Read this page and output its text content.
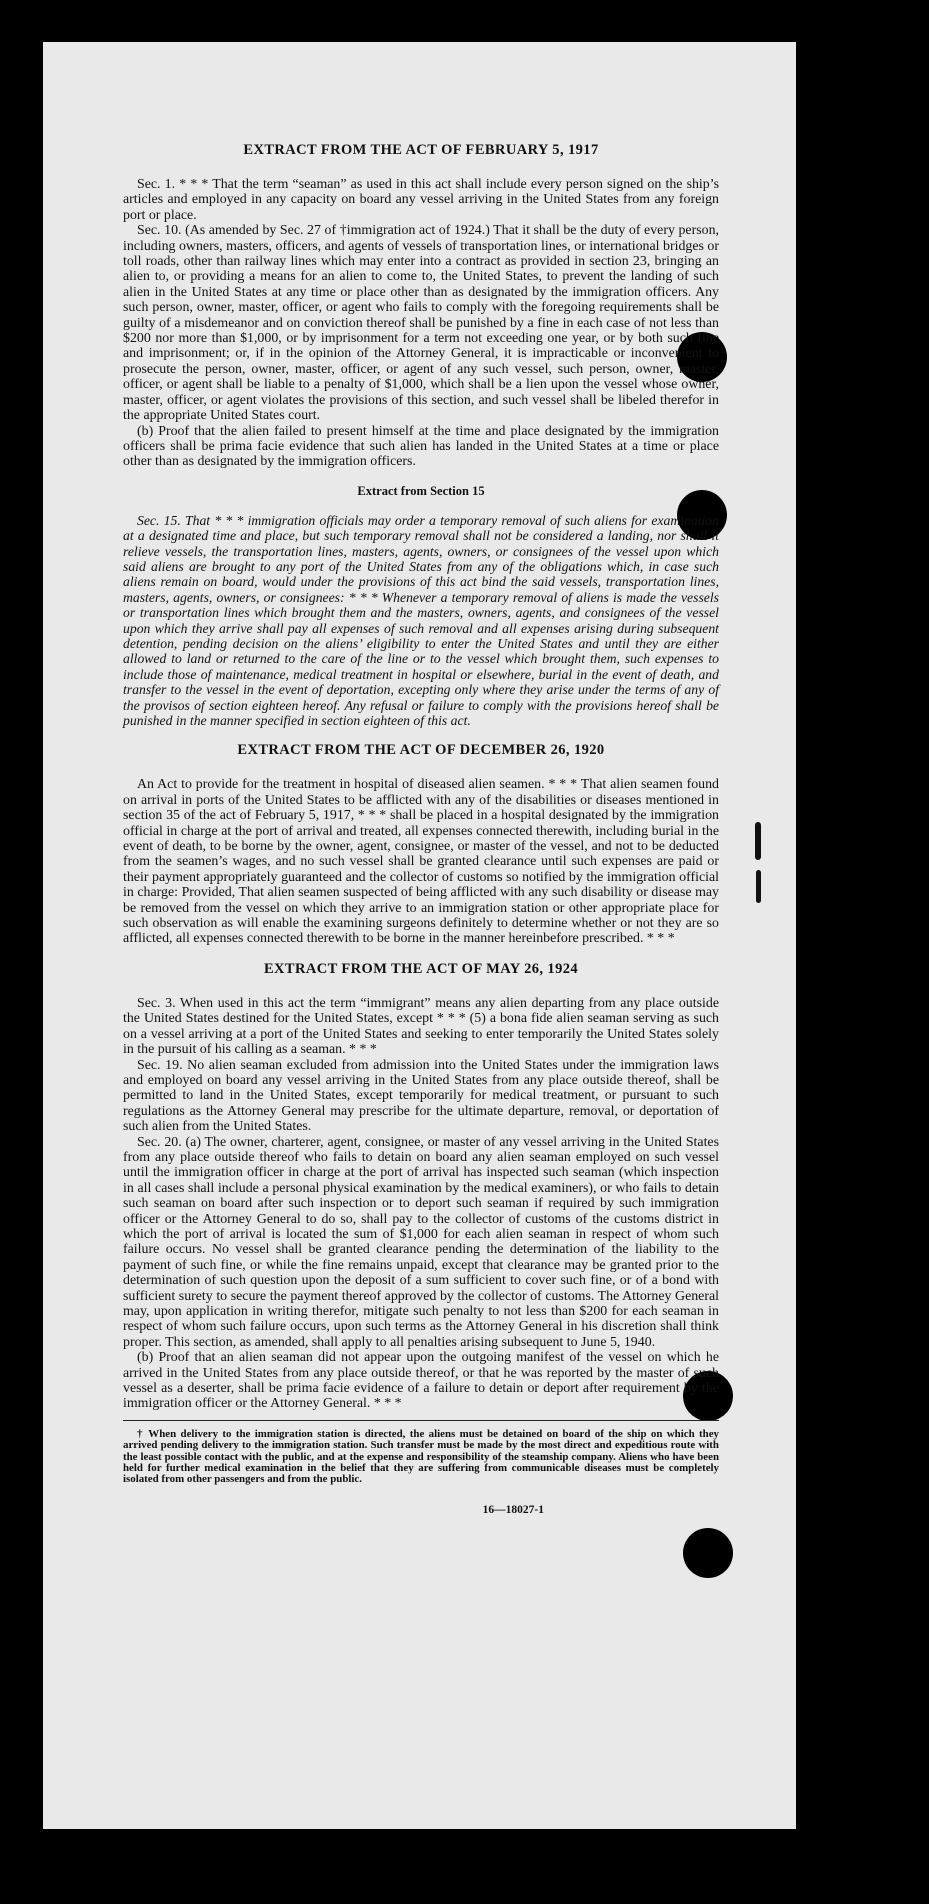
EXTRACT FROM THE ACT OF FEBRUARY 5, 1917

Sec. 1. * * * That the term “seaman” as used in this act shall include every person signed on the ship’s articles and employed in any capacity on board any vessel arriving in the United States from any foreign port or place.

Sec. 10. (As amended by Sec. 27 of †immigration act of 1924.) That it shall be the duty of every person, including owners, masters, officers, and agents of vessels of transportation lines, or international bridges or toll roads, other than railway lines which may enter into a contract as provided in section 23, bringing an alien to, or providing a means for an alien to come to, the United States, to prevent the landing of such alien in the United States at any time or place other than as designated by the immigration officers. Any such person, owner, master, officer, or agent who fails to comply with the foregoing requirements shall be guilty of a misdemeanor and on conviction thereof shall be punished by a fine in each case of not less than $200 nor more than $1,000, or by imprisonment for a term not exceeding one year, or by both such fine and imprisonment; or, if in the opinion of the Attorney General, it is impracticable or inconvenient to prosecute the person, owner, master, officer, or agent of any such vessel, such person, owner, master, officer, or agent shall be liable to a penalty of $1,000, which shall be a lien upon the vessel whose owner, master, officer, or agent violates the provisions of this section, and such vessel shall be libeled therefor in the appropriate United States court.

(b) Proof that the alien failed to present himself at the time and place designated by the immigration officers shall be prima facie evidence that such alien has landed in the United States at a time or place other than as designated by the immigration officers.

Extract from Section 15

Sec. 15. That * * * immigration officials may order a temporary removal of such aliens for examination at a designated time and place, but such temporary removal shall not be considered a landing, nor shall it relieve vessels, the transportation lines, masters, agents, owners, or consignees of the vessel upon which said aliens are brought to any port of the United States from any of the obligations which, in case such aliens remain on board, would under the provisions of this act bind the said vessels, transportation lines, masters, agents, owners, or consignees: * * * Whenever a temporary removal of aliens is made the vessels or transportation lines which brought them and the masters, owners, agents, and consignees of the vessel upon which they arrive shall pay all expenses of such removal and all expenses arising during subsequent detention, pending decision on the aliens’ eligibility to enter the United States and until they are either allowed to land or returned to the care of the line or to the vessel which brought them, such expenses to include those of maintenance, medical treatment in hospital or elsewhere, burial in the event of death, and transfer to the vessel in the event of deportation, excepting only where they arise under the terms of any of the provisos of section eighteen hereof. Any refusal or failure to comply with the provisions hereof shall be punished in the manner specified in section eighteen of this act.

EXTRACT FROM THE ACT OF DECEMBER 26, 1920

An Act to provide for the treatment in hospital of diseased alien seamen. * * * That alien seamen found on arrival in ports of the United States to be afflicted with any of the disabilities or diseases mentioned in section 35 of the act of February 5, 1917, * * * shall be placed in a hospital designated by the immigration official in charge at the port of arrival and treated, all expenses connected therewith, including burial in the event of death, to be borne by the owner, agent, consignee, or master of the vessel, and not to be deducted from the seamen’s wages, and no such vessel shall be granted clearance until such expenses are paid or their payment appropriately guaranteed and the collector of customs so notified by the immigration official in charge: Provided, That alien seamen suspected of being afflicted with any such disability or disease may be removed from the vessel on which they arrive to an immigration station or other appropriate place for such observation as will enable the examining surgeons definitely to determine whether or not they are so afflicted, all expenses connected therewith to be borne in the manner hereinbefore prescribed. * * *

EXTRACT FROM THE ACT OF MAY 26, 1924

Sec. 3. When used in this act the term “immigrant” means any alien departing from any place outside the United States destined for the United States, except * * * (5) a bona fide alien seaman serving as such on a vessel arriving at a port of the United States and seeking to enter temporarily the United States solely in the pursuit of his calling as a seaman. * * *

Sec. 19. No alien seaman excluded from admission into the United States under the immigration laws and employed on board any vessel arriving in the United States from any place outside thereof, shall be permitted to land in the United States, except temporarily for medical treatment, or pursuant to such regulations as the Attorney General may prescribe for the ultimate departure, removal, or deportation of such alien from the United States.

Sec. 20. (a) The owner, charterer, agent, consignee, or master of any vessel arriving in the United States from any place outside thereof who fails to detain on board any alien seaman employed on such vessel until the immigration officer in charge at the port of arrival has inspected such seaman (which inspection in all cases shall include a personal physical examination by the medical examiners), or who fails to detain such seaman on board after such inspection or to deport such seaman if required by such immigration officer or the Attorney General to do so, shall pay to the collector of customs of the customs district in which the port of arrival is located the sum of $1,000 for each alien seaman in respect of whom such failure occurs. No vessel shall be granted clearance pending the determination of the liability to the payment of such fine, or while the fine remains unpaid, except that clearance may be granted prior to the determination of such question upon the deposit of a sum sufficient to cover such fine, or of a bond with sufficient surety to secure the payment thereof approved by the collector of customs. The Attorney General may, upon application in writing therefor, mitigate such penalty to not less than $200 for each seaman in respect of whom such failure occurs, upon such terms as the Attorney General in his discretion shall think proper. This section, as amended, shall apply to all penalties arising subsequent to June 5, 1940.

(b) Proof that an alien seaman did not appear upon the outgoing manifest of the vessel on which he arrived in the United States from any place outside thereof, or that he was reported by the master of such vessel as a deserter, shall be prima facie evidence of a failure to detain or deport after requirement by the immigration officer or the Attorney General. * * *

† When delivery to the immigration station is directed, the aliens must be detained on board of the ship on which they arrived pending delivery to the immigration station. Such transfer must be made by the most direct and expeditious route with the least possible contact with the public, and at the expense and responsibility of the steamship company. Aliens who have been held for further medical examination in the belief that they are suffering from communicable diseases must be completely isolated from other passengers and from the public.

16—18027-1
